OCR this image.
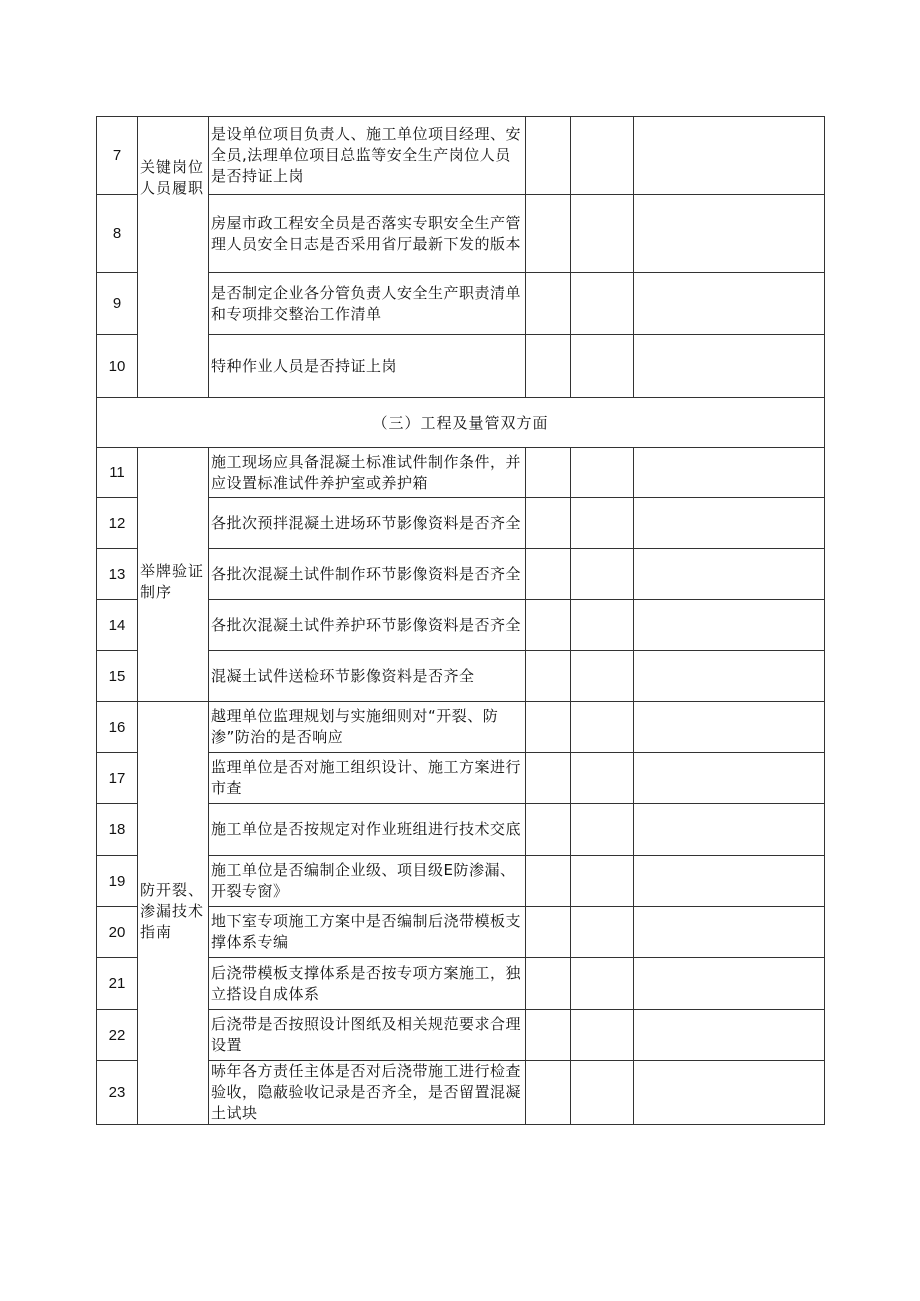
7	关键岗位人员履职	是设单位项目负责人、施工单位项目经理、安全员,法理单位项目总监等安全生产岗位人员是否持证上岗			
8		房屋市政工程安全员是否落实专职安全生产管理人员安全日志是否采用省厅最新下发的版本			
9		是否制定企业各分管负责人安全生产职责清单和专项排交整治工作清单			
10		特种作业人员是否持证上岗			
（三）工程及量管双方面					
11	举牌验证制序	施工现场应具备混凝土标准试件制作条件，并应设置标准试件养护室或养护箱			
12		各批次预拌混凝土进场环节影像资料是否齐全			
13		各批次混凝土试件制作环节影像资料是否齐全			
14		各批次混凝土试件养护环节影像资料是否齐全			
15		混凝土试件送检环节影像资料是否齐全			
16	防开裂、渗漏技术指南	越理单位监理规划与实施细则对“开裂、防渗”防治的是否响应			
17		监理单位是否对施工组织设计、施工方案进行市查			
18		施工单位是否按规定对作业班组进行技术交底			
19		施工单位是否编制企业级、项目级E防渗漏、开裂专窗》			
20		地下室专项施工方案中是否编制后浇带模板支撑体系专编			
21		后浇带模板支撑体系是否按专项方案施工，独立搭设自成体系			
22		后浇带是否按照设计图纸及相关规范要求合理设置			
23		哧年各方责任主体是否对后浇带施工进行检查验收，隐蔽验收记录是否齐全，是否留置混凝土试块			
